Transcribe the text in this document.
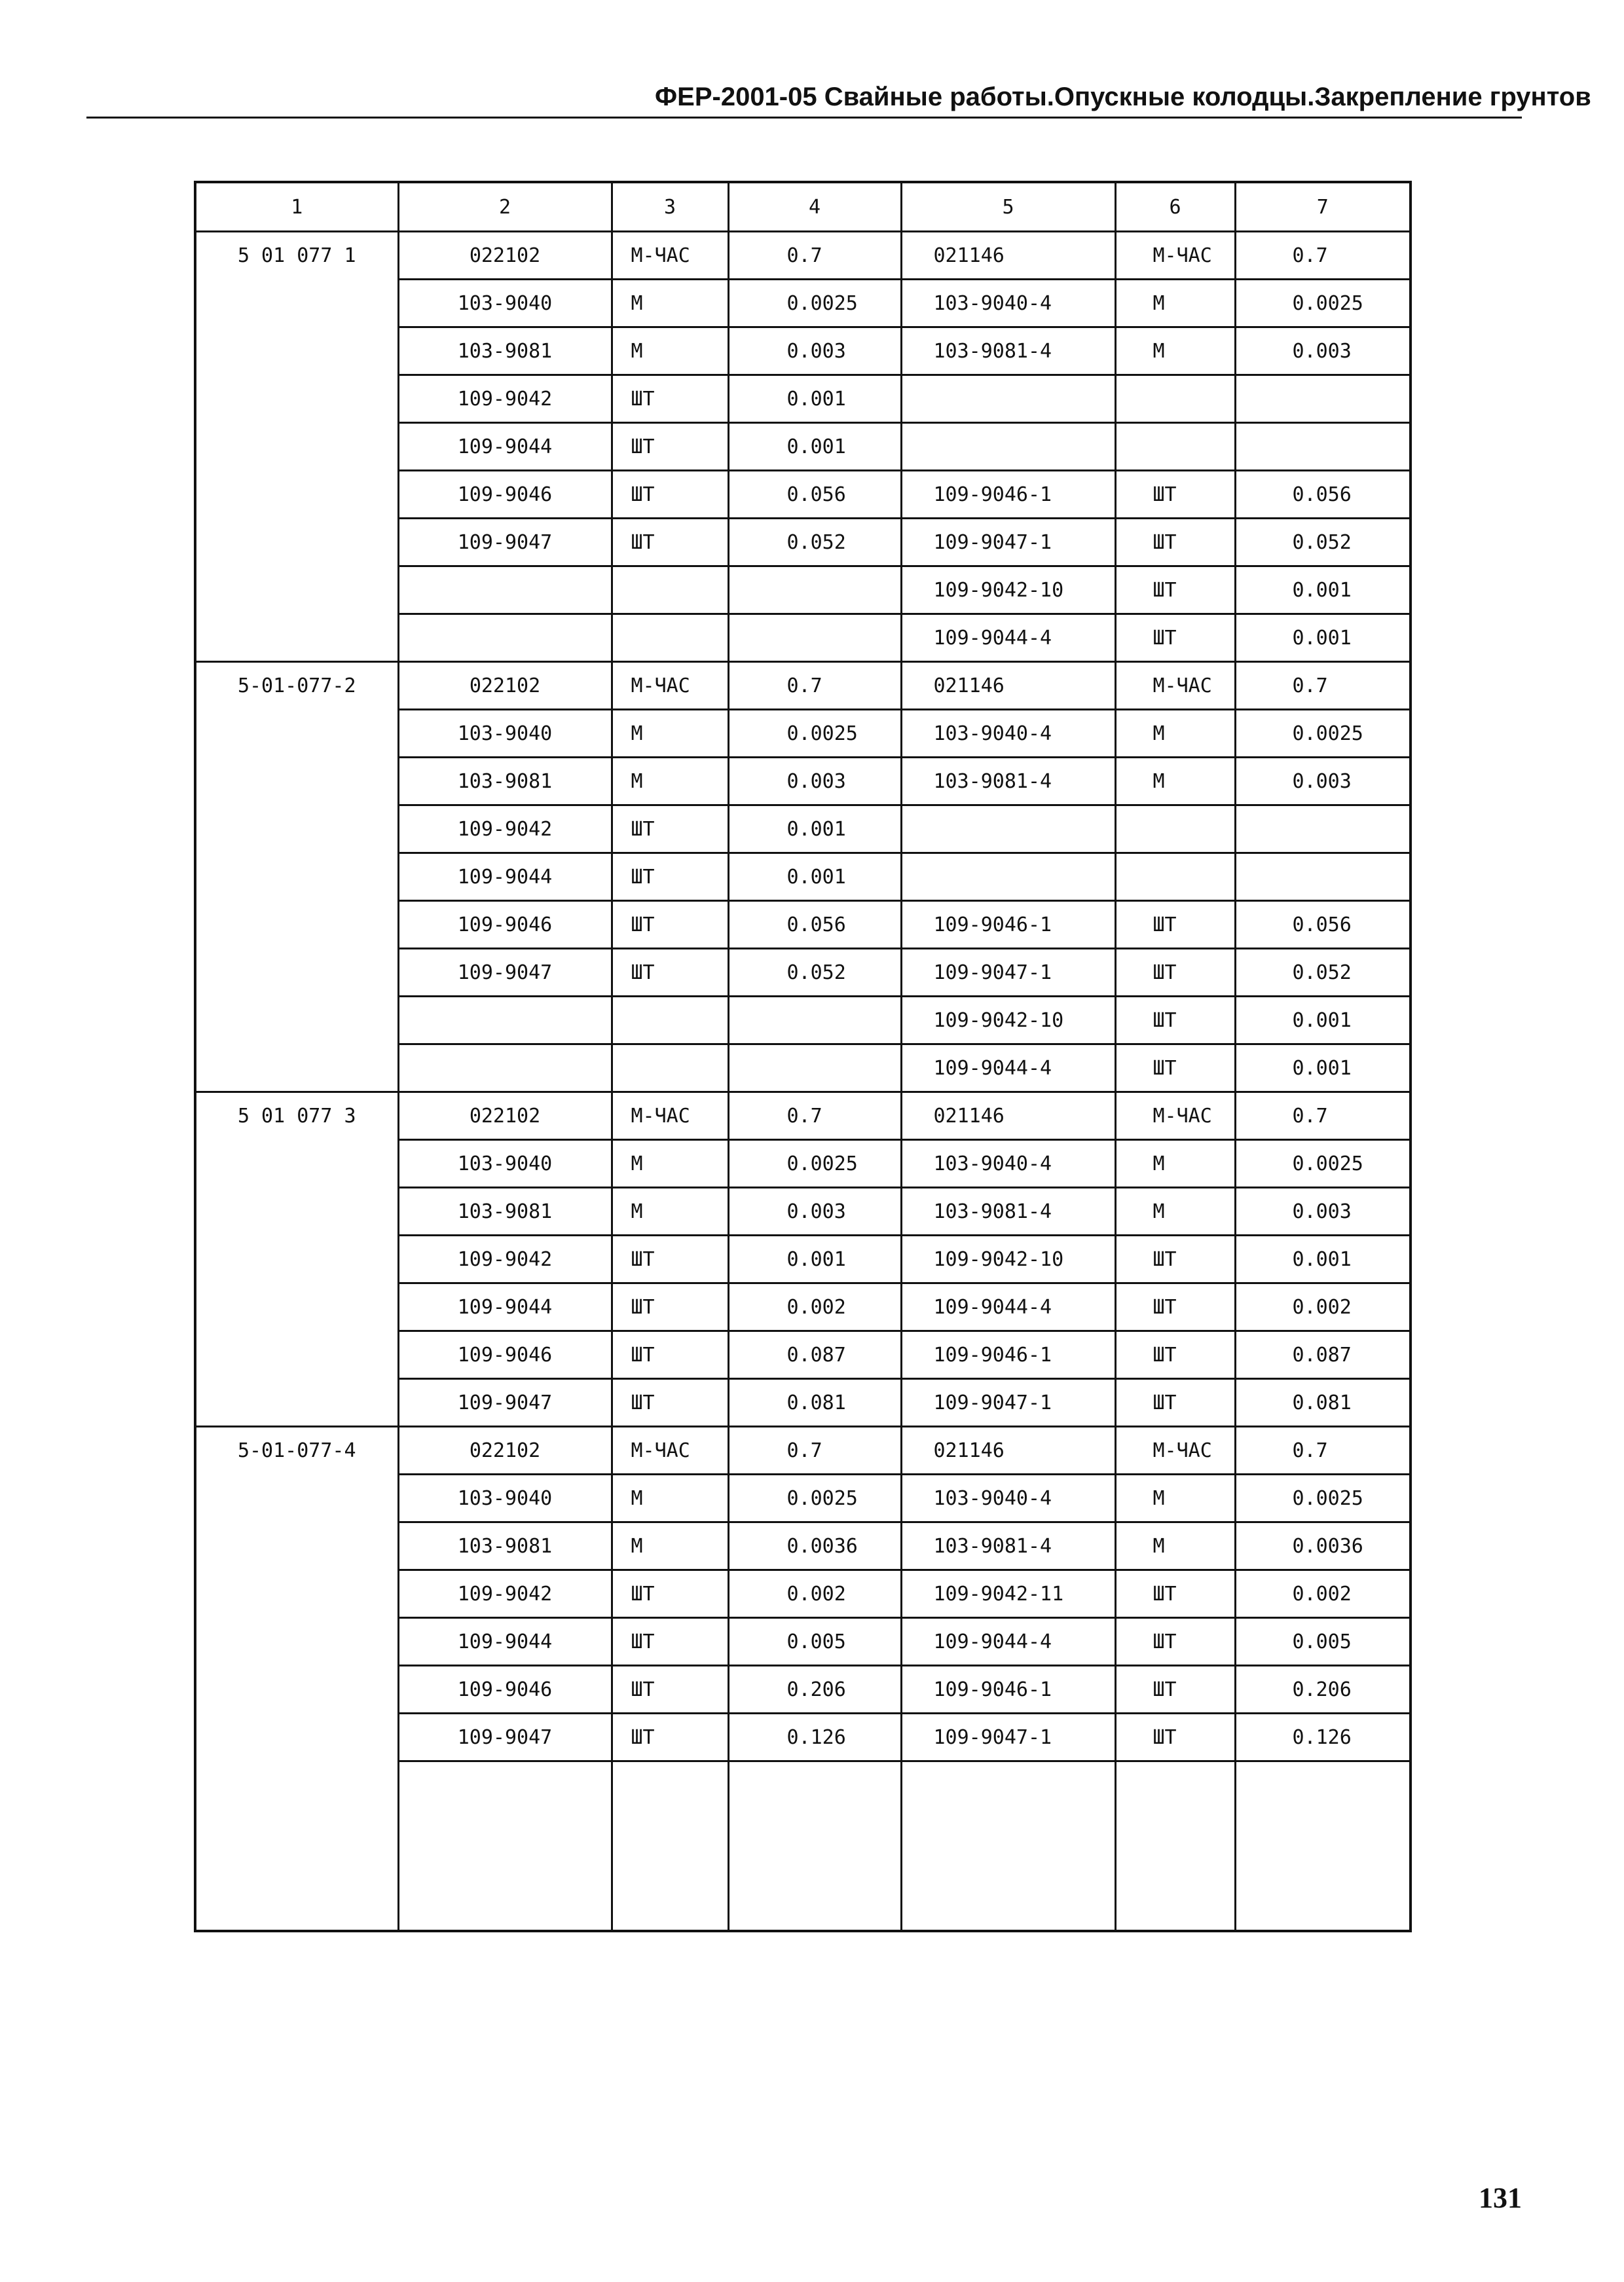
ФЕР-2001-05 Свайные работы.Опускные колодцы.Закрепление грунтов
1	2	3	4	5	6	7
5 01 077 1	022102	М-ЧАС	0.7	021146	М-ЧАС	0.7
	103-9040	М	0.0025	103-9040-4	М	0.0025
	103-9081	М	0.003	103-9081-4	М	0.003
	109-9042	ШТ	0.001			
	109-9044	ШТ	0.001			
	109-9046	ШТ	0.056	109-9046-1	ШТ	0.056
	109-9047	ШТ	0.052	109-9047-1	ШТ	0.052
				109-9042-10	ШТ	0.001
				109-9044-4	ШТ	0.001
5-01-077-2	022102	М-ЧАС	0.7	021146	М-ЧАС	0.7
	103-9040	М	0.0025	103-9040-4	М	0.0025
	103-9081	М	0.003	103-9081-4	М	0.003
	109-9042	ШТ	0.001			
	109-9044	ШТ	0.001			
	109-9046	ШТ	0.056	109-9046-1	ШТ	0.056
	109-9047	ШТ	0.052	109-9047-1	ШТ	0.052
				109-9042-10	ШТ	0.001
				109-9044-4	ШТ	0.001
5 01 077 3	022102	М-ЧАС	0.7	021146	М-ЧАС	0.7
	103-9040	М	0.0025	103-9040-4	М	0.0025
	103-9081	М	0.003	103-9081-4	М	0.003
	109-9042	ШТ	0.001	109-9042-10	ШТ	0.001
	109-9044	ШТ	0.002	109-9044-4	ШТ	0.002
	109-9046	ШТ	0.087	109-9046-1	ШТ	0.087
	109-9047	ШТ	0.081	109-9047-1	ШТ	0.081
5-01-077-4	022102	М-ЧАС	0.7	021146	М-ЧАС	0.7
	103-9040	М	0.0025	103-9040-4	М	0.0025
	103-9081	М	0.0036	103-9081-4	М	0.0036
	109-9042	ШТ	0.002	109-9042-11	ШТ	0.002
	109-9044	ШТ	0.005	109-9044-4	ШТ	0.005
	109-9046	ШТ	0.206	109-9046-1	ШТ	0.206
	109-9047	ШТ	0.126	109-9047-1	ШТ	0.126

131
